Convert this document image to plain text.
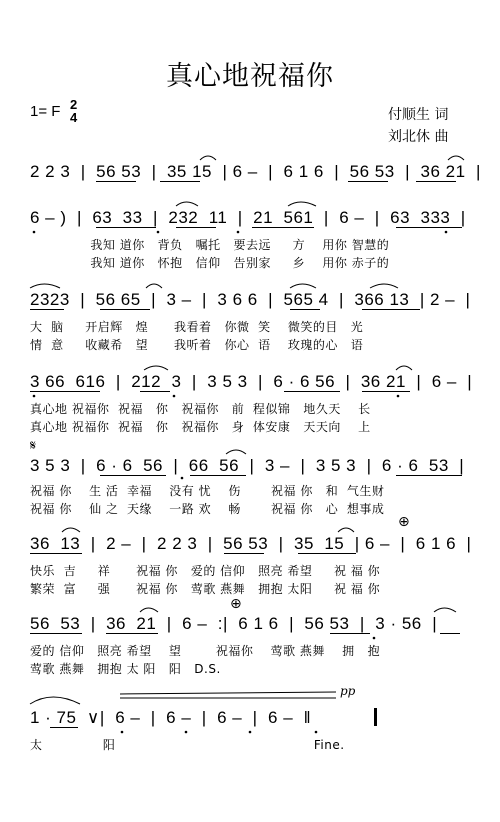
真心地祝福你
1= F 2
4	付顺生 词
刘北休 曲
2 2 3  |  56 53  |  35 15  | 6 –  |  6 1 6  |  56 53  |  36 21  |
6 – )  |  63  33  |  232  11  |  21  561  |  6 –  |  63  333  |
我知 道你   背负   嘱托   要去远     方    用你 智慧的
我知 道你   怀抱   信仰   告别家     乡    用你 赤子的
2323  |  56 65  |  3 –  |  3 6 6  |  565 4  |  366 13  | 2 –  |
大  脑     开启辉   煌      我看着   你微  笑    微笑的目   光
情  意     收藏希   望      我听着   你心  语    玫瑰的心   语
3 66  616  |  212  3  |  3 5 3  |  6 · 6 56  |  36 21  |  6 –  |
真心地 祝福你  祝福   你   祝福你   前  程似锦   地久天    长
真心地 祝福你  祝福   你   祝福你   身  体安康   天天向    上
𝄋
3 5 3  |  6 · 6  56  |  66  56  |  3 –  |  3 5 3  |  6 · 6  53  |
祝福 你    生 活  幸福    没有 忧    伤       祝福 你   和  气生财
祝福 你    仙 之  天缘    一路 欢    畅       祝福 你   心  想事成
⊕
36  13  |  2 –  |  2 2 3  |  56 53  |  35  15  | 6 –  |  6 1 6  |
快乐  吉     祥      祝福 你   爱的 信仰   照亮 希望     祝 福 你
繁荣  富     强      祝福 你   莺歌 燕舞   拥抱 太阳     祝 福 你
⊕
56  53  |  36  21  |  6 –  :|  6 1 6  |  56 53  |  3 · 56  |
爱的 信仰   照亮 希望    望        祝福你    莺歌 燕舞    拥   抱
莺歌 燕舞   拥抱 太 阳   阳   D.S.
pp
1 · 75  ∨|  6 –  |  6 –  |  6 –  |  6 –  ‖
太              阳                                              Fine.
